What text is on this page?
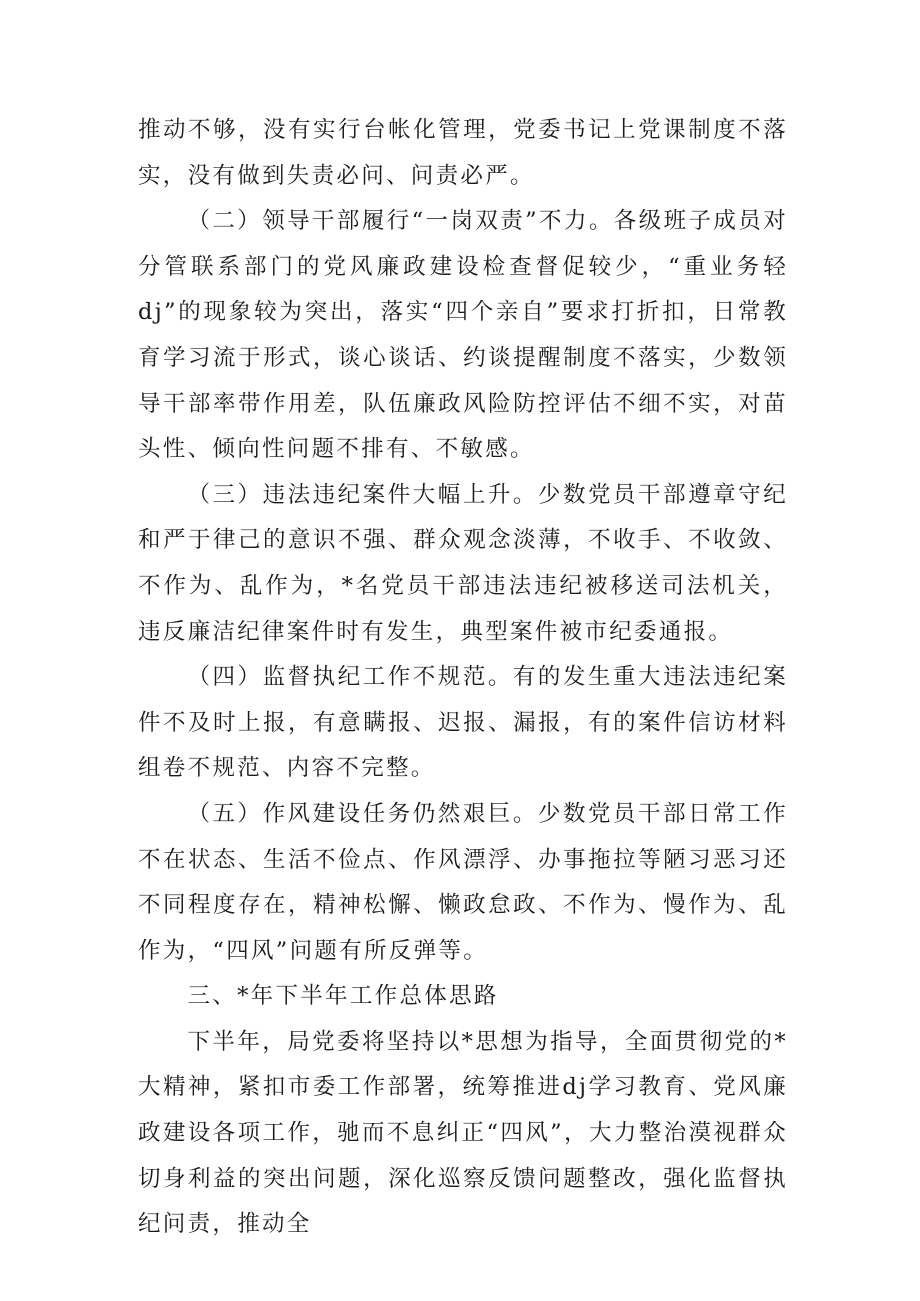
推动不够，没有实行台帐化管理，党委书记上党课制度不落实，没有做到失责必问、问责必严。

（二）领导干部履行“一岗双责”不力。各级班子成员对分管联系部门的党风廉政建设检查督促较少，“重业务轻dj”的现象较为突出，落实“四个亲自”要求打折扣，日常教育学习流于形式，谈心谈话、约谈提醒制度不落实，少数领导干部率带作用差，队伍廉政风险防控评估不细不实，对苗头性、倾向性问题不排有、不敏感。

（三）违法违纪案件大幅上升。少数党员干部遵章守纪和严于律己的意识不强、群众观念淡薄，不收手、不收敛、不作为、乱作为，*名党员干部违法违纪被移送司法机关，违反廉洁纪律案件时有发生，典型案件被市纪委通报。

（四）监督执纪工作不规范。有的发生重大违法违纪案件不及时上报，有意瞒报、迟报、漏报，有的案件信访材料组卷不规范、内容不完整。

（五）作风建设任务仍然艰巨。少数党员干部日常工作不在状态、生活不俭点、作风漂浮、办事拖拉等陋习恶习还不同程度存在，精神松懈、懒政怠政、不作为、慢作为、乱作为，“四风”问题有所反弹等。

三、*年下半年工作总体思路

下半年，局党委将坚持以*思想为指导，全面贯彻党的*大精神，紧扣市委工作部署，统筹推进dj学习教育、党风廉政建设各项工作，驰而不息纠正“四风”，大力整治漠视群众切身利益的突出问题，深化巡察反馈问题整改，强化监督执纪问责，推动全
